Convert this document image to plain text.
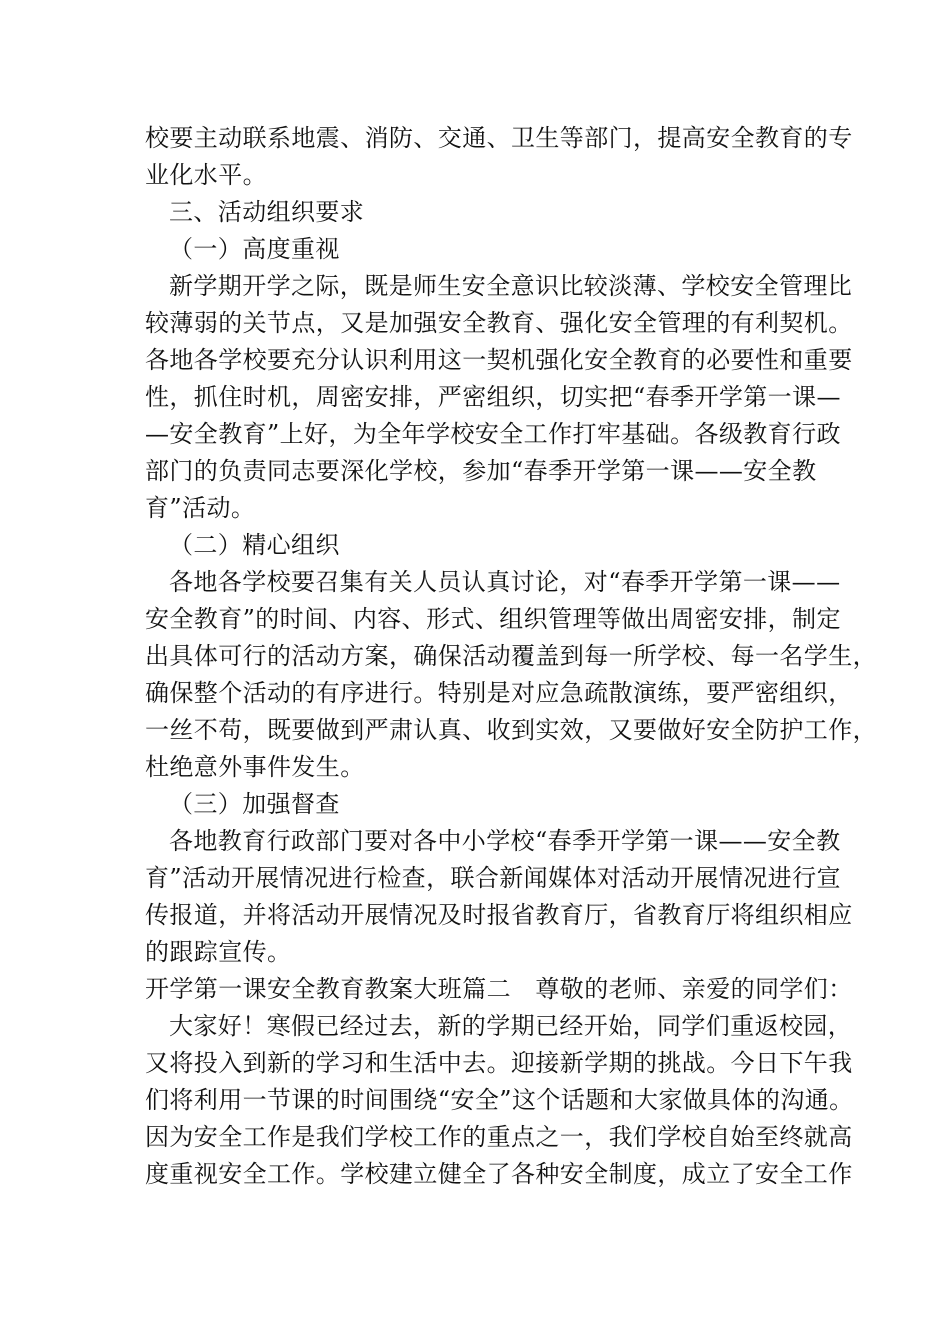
校要主动联系地震、消防、交通、卫生等部门，提高安全教育的专
业化水平。
三、活动组织要求
（一）高度重视
新学期开学之际，既是师生安全意识比较淡薄、学校安全管理比
较薄弱的关节点，又是加强安全教育、强化安全管理的有利契机。
各地各学校要充分认识利用这一契机强化安全教育的必要性和重要
性，抓住时机，周密安排，严密组织，切实把“春季开学第一课—
—安全教育”上好，为全年学校安全工作打牢基础。各级教育行政
部门的负责同志要深化学校，参加“春季开学第一课——安全教
育”活动。
（二）精心组织
各地各学校要召集有关人员认真讨论，对“春季开学第一课——
安全教育”的时间、内容、形式、组织管理等做出周密安排，制定
出具体可行的活动方案，确保活动覆盖到每一所学校、每一名学生，
确保整个活动的有序进行。特别是对应急疏散演练，要严密组织，
一丝不苟，既要做到严肃认真、收到实效，又要做好安全防护工作，
杜绝意外事件发生。
（三）加强督查
各地教育行政部门要对各中小学校“春季开学第一课——安全教
育”活动开展情况进行检查，联合新闻媒体对活动开展情况进行宣
传报道，并将活动开展情况及时报省教育厅，省教育厅将组织相应
的跟踪宣传。
开学第一课安全教育教案大班篇二　尊敬的老师、亲爱的同学们：
大家好！寒假已经过去，新的学期已经开始，同学们重返校园，
又将投入到新的学习和生活中去。迎接新学期的挑战。今日下午我
们将利用一节课的时间围绕“安全”这个话题和大家做具体的沟通。
因为安全工作是我们学校工作的重点之一，我们学校自始至终就高
度重视安全工作。学校建立健全了各种安全制度，成立了安全工作
